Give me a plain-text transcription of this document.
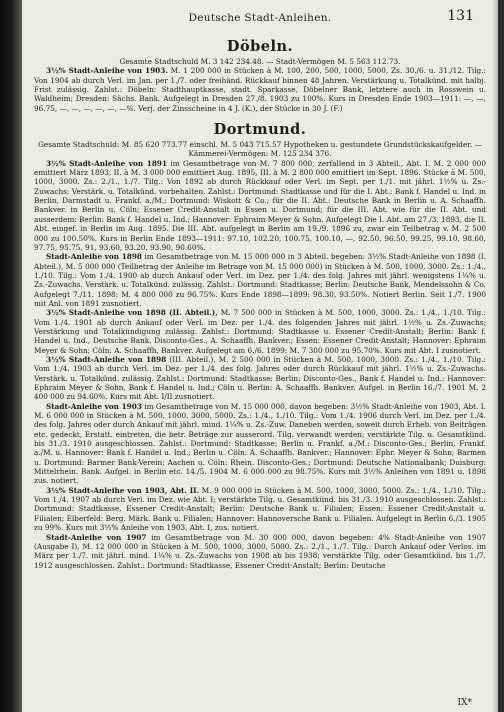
Deutsche Stadt-Anleihen.	131
Döbeln.

Gesamte Stadtschuld M. 3 142 234.48. — Stadt-Vermögen M. 5 563 112.73.

3½% Stadt-Anleihe von 1903. M. 1 200 000 in Stücken à M. 100, 200, 500, 1000, 5000, Zs. 30./6. u. 31./12. Tilg.: Von 1904 ab durch Verl. im Jan. per 1./7. oder freihänd. Rückkauf binnen 48 Jahren. Verstärkung u. Totalkünd. mit halbj. Frist zulässig. Zahlst.: Döbeln: Stadthauptkasse, stadt. Sparkasse, Döbelner Bank, letztere auch in Rosswein u. Waldheim; Dresden: Sächs. Bank. Aufgelegt in Dresden 27./8. 1903 zu 100%. Kurs in Dresden Ende 1903—1911: —, —, 96.75, —, —, —, —, —, —%. Verj. der Zinsscheine in 4 J. (K.), der Stücke in 30 J. (F.)

Dortmund.

Gesamte Stadtschuld: M. 85 620 773.77 einschl. M. 5 043 715.57 Hypotheken u. gestundete Grundstückskaufgelder. — Kämmerei-Vermögen: M. 125 234 376.

3½% Stadt-Anleihe von 1891 im Gesamtbetrage von M. 7 800 000, zerfallend in 3 Abteil., Abt. I. M. 2 000 000 emittiert März 1893, II. à M. 3 000 000 emittiert Aug. 1895, III. à M. 2 800 000 emittiert im Sept. 1896. Stücke à M. 500, 1000, 3000. Zs.: 2./1., 1./7. Tilg.: Von 1892 ab durch Rückkauf oder Verl. im Sept. per 1./1. mit jährl. 1½% u. Zs.-Zuwachs; Verstärk. u. Totalkünd. vorbehalten. Zahlst.: Dortmund: Stadtkasse und für die I. Abt.: Bank f. Handel u. Ind. in Berlin, Darmstadt u. Frankf. a./M.; Dortmund: Wiskott & Co.; für die II. Abt.: Deutsche Bank in Berlin u. A. Schaaffh. Bankver. in Berlin u. Cöln; Essener Credit-Anstalt in Essen u. Dortmund; für die III. Abt. wie für die II. Abt. und ausserdem: Berlin: Bank f. Handel u. Ind.; Hannover: Ephraim Meyer & Sohn. Aufgelegt Die I. Abt. am 27./3. 1893, die II. Abt. eingef. in Berlin im Aug. 1895. Die III. Abt. aufgelegt in Berlin am 19./9. 1896 zu, zwar ein Teilbetrag v. M. 2 500 000 zu 100.50%. Kurs in Berlin Ende 1893—1911: 97.10, 102.20, 100.75, 100.10, —, 92.50, 96.50, 99.25, 99.10, 98.60, 97.75, 95.75, 91, 93.60, 93.20, 93.90, 90.60%.

Stadt-Anleihe von 1898 im Gesamtbetrage von M. 15 000 000 in 3 Abteil. begeben: 3½% Stadt-Anleihe von 1898 (I. Abteil.), M. 5 000 000 (Teilbetrag der Anleihe im Betrage von M. 15 000 000) in Stücken à M. 500, 1000, 3000. Zs.: 1./4., 1./10. Tilg.: Vom 1./4. 1900 ab durch Ankauf oder Verl. im Dez. per 1./4. des folg. Jahres mit jährl. wenigstens 1¼% u. Zs.-Zuwachs. Verstärk. u. Totalkünd. zulässig. Zahlst.: Dortmund: Stadtkasse; Berlin: Deutsche Bank, Mendelssohn & Co. Aufgelegt 7./11. 1898: M. 4 800 000 zu 96.75%. Kurs Ende 1898—1899: 98.30, 93.50%. Notiert Berlin. Seit 1./7. 1900 mit Anl. von 1891 zusnotiert.

3½% Stadt-Anleihe von 1898 (II. Abteil.), M. 7 500 000 in Stücken à M. 500, 1000, 3000. Zs.: 1./4., 1./10. Tilg.: Vom 1./4. 1901 ab durch Ankauf oder Verl. im Dez. per 1./4. des folgenden Jahres mit jährl. 1½% u. Zs.-Zuwachs; Verstärkung und Totalkündigung zulässig. Zahlst.: Dortmund: Stadtkasse u. Essener Credit-Anstalt; Berlin: Bank f. Handel u. Ind., Deutsche Bank, Disconto-Ges., A. Schaaffh. Bankver.; Essen: Essener Credit-Anstalt; Hannover: Ephraim Meyer & Sohn; Cöln: A. Schaaffh. Bankver. Aufgelegt am 6./6. 1899: M. 7 300 000 zu 95.70%. Kurs mit Abt. I zusnotiert.

3½% Stadt-Anleihe von 1898 (III. Abteil.), M. 2 500 000 in Stücken à M. 500, 1000, 3000. Zs.: 1./4., 1./10. Tilg.: Vom 1./4. 1903 ab durch Verl. im Dez. per 1./4. des folg. Jahres oder durch Rückkauf mit jährl. 1½% u. Zs.-Zuwachs. Verstärk. u. Totalkünd. zulässig. Zahlst.: Dortmund: Stadtkasse; Berlin: Disconto-Ges., Bank f. Handel u. Ind.; Hannover: Ephraim Meyer & Sohn, Bank f. Handel u. Ind.; Cöln u. Berlin: A. Schaaffh. Bankver. Aufgel. in Berlin 16./7. 1901 M. 2 400 000 zu 94.60%. Kurs mit Abt. I/II zusnotiert.

Stadt-Anleihe von 1903 im Gesamtbetrage von M. 15 000 000, davon begeben: 3½% Stadt-Anleihe von 1903, Abt. I. M. 6 000 000 in Stücken à M. 500, 1000, 3000, 5000. Zs.: 1./4., 1./10. Tilg.: Vom 1./4. 1906 durch Verl. im Dez. per 1./4. des folg. Jahres oder durch Ankauf mit jährl. mind. 1¼% u. Zs.-Zuw. Daneben werden, soweit durch Erheb. von Beiträgen etc. gedeckt, Erstatt. eintreten, die betr. Beträge zur ausserord. Tilg. verwandt werden; verstärkte Tilg. u. Gesamtkünd. bis 31./3. 1910 ausgeschlossen. Zahlst.: Dortmund: Stadtkasse; Berlin u. Frankf. a./M.: Disconto-Ges.; Berlin, Frankf. a./M. u. Hannover: Bank f. Handel u. Ind.; Berlin u. Cöln: A. Schaaffh. Bankver.; Hannover: Ephr. Meyer & Sohn; Barmen u. Dortmund: Barmer Bank-Verein; Aachen u. Cöln: Rhein. Disconto-Ges.; Dortmund: Deutsche Nationalbank; Duisburg: Mittelrhein. Bank. Aufgel. in Berlin etc. 14./5. 1904 M. 6 000 000 zu 98.75%. Kurs mit 3½% Anleihen von 1891 u. 1898 zus. notiert.

3½% Stadt-Anleihe von 1903, Abt. II. M. 9 000 000 in Stücken à M. 500, 1000, 3000, 5000. Zs.: 1./4., 1./10. Tilg.: Vom 1./4. 1907 ab durch Verl. im Dez. wie Abt. I; verstärkte Tilg. u. Gesamtkünd. bis 31./3. 1910 ausgeschlossen. Zahlst.: Dortmund: Stadtkasse, Essener Credit-Anstalt; Berlin: Deutsche Bank u. Filialen; Essen: Essener Credit-Anstalt u. Filialen; Elberfeld: Berg. Märk. Bank u. Filialen; Hannover: Hannoversche Bank u. Filialen. Aufgelegt in Berlin 6./3. 1905 zu 99%. Kurs mit 3½% Anleihe von 1903, Abt. I, zus. notiert.

Stadt-Anleihe von 1907 im Gesamtbetrage von M. 30 000 000, davon begeben: 4% Stadt-Anleihe von 1907 (Ausgabe I), M. 12 000 000 in Stücken à M. 500, 1000, 3000, 5000. Zs.: 2./1., 1./7. Tilg.: Durch Ankauf oder Verlos. im März per 1./7. mit jährl. mind. 1¼% u. Zs.-Zuwachs von 1908 ab bis 1938; verstärkte Tilg. oder Gesamtkünd. bis 1./7. 1912 ausgeschlossen. Zahlst.: Dortmund: Stadtkasse, Essener Credit-Anstalt; Berlin: Deutsche

IX*
